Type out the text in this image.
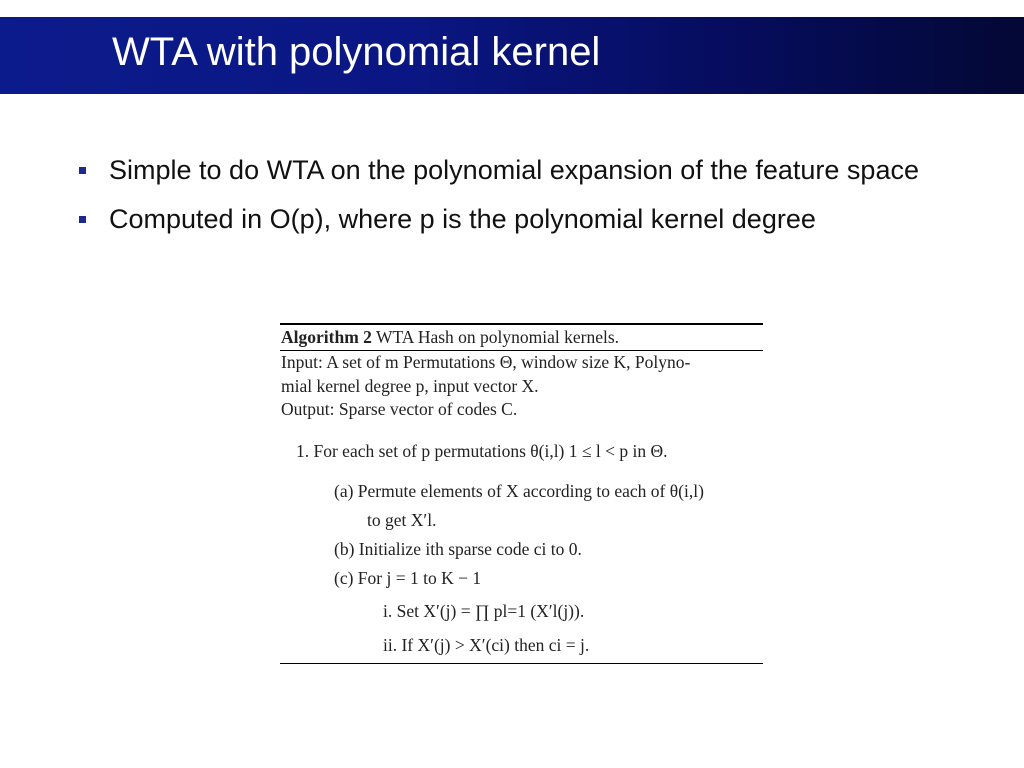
WTA with polynomial kernel
Simple to do WTA on the polynomial expansion of the feature space
Computed in O(p), where p is the polynomial kernel degree
Algorithm 2 WTA Hash on polynomial kernels.
Input: A set of m Permutations Θ, window size K, Polyno-
mial kernel degree p, input vector X.
Output: Sparse vector of codes C.
1. For each set of p permutations θ(i,l) 1 ≤ l < p in Θ.
(a) Permute elements of X according to each of θ(i,l)
to get X′l.
(b) Initialize ith sparse code ci to 0.
(c) For j = 1 to K − 1
i. Set X′(j) = ∏ pl=1 (X′l(j)).
ii. If X′(j) > X′(ci) then ci = j.
